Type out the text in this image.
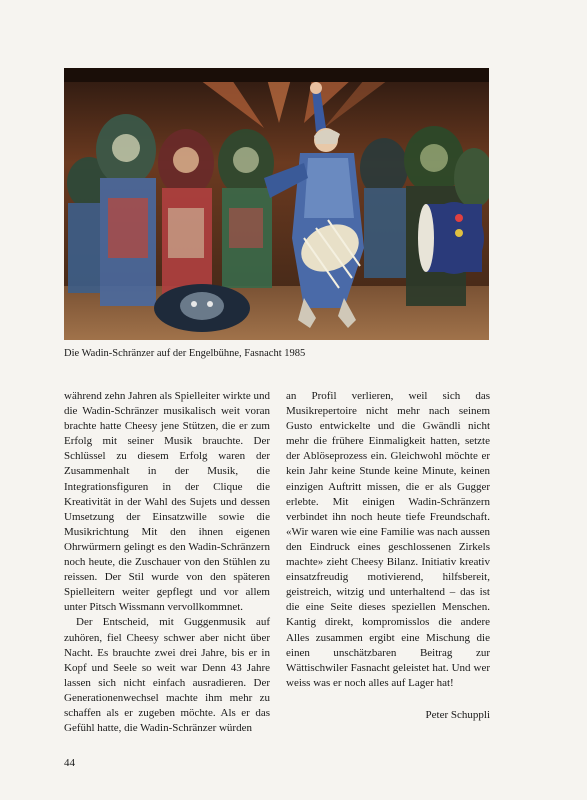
Die Wadin-Schränzer auf der Engelbühne, Fasnacht 1985

während zehn Jahren als Spielleiter wirkte und die Wadin-Schränzer musikalisch weit voran brachte hatte Cheesy jene Stützen, die er zum Erfolg mit seiner Musik brauchte. Der Schlüssel zu diesem Erfolg waren der Zusammenhalt in der Musik, die Integrationsfiguren in der Clique die Kreativität in der Wahl des Sujets und dessen Umsetzung der Einsatzwille sowie die Musikrichtung Mit den ihnen eigenen Ohrwürmern gelingt es den Wadin-Schränzern noch heute, die Zuschauer von den Stühlen zu reissen. Der Stil wurde von den späteren Spielleitern weiter gepflegt und vor allem unter Pitsch Wissmann vervollkommnet.

Der Entscheid, mit Guggenmusik auf zuhören, fiel Cheesy schwer aber nicht über Nacht. Es brauchte zwei drei Jahre, bis er in Kopf und Seele so weit war Denn 43 Jahre lassen sich nicht einfach ausradieren. Der Generationenwechsel machte ihm mehr zu schaffen als er zugeben möchte. Als er das Gefühl hatte, die Wadin-Schränzer würden

an Profil verlieren, weil sich das Musikrepertoire nicht mehr nach seinem Gusto entwickelte und die Gwändli nicht mehr die frühere Einmaligkeit hatten, setzte der Ablöseprozess ein. Gleichwohl möchte er kein Jahr keine Stunde keine Minute, keinen einzigen Auftritt missen, die er als Gugger erlebte. Mit einigen Wadin-Schränzern verbindet ihn noch heute tiefe Freundschaft. «Wir waren wie eine Familie was nach aussen den Eindruck eines geschlossenen Zirkels machte» zieht Cheesy Bilanz. Initiativ kreativ einsatzfreudig motivierend, hilfsbereit, geistreich, witzig und unterhaltend – das ist die eine Seite dieses speziellen Menschen. Kantig direkt, kompromisslos die andere Alles zusammen ergibt eine Mischung die einen unschätzbaren Beitrag zur Wättischwiler Fasnacht geleistet hat. Und wer weiss was er noch alles auf Lager hat!

Peter Schuppli
44
